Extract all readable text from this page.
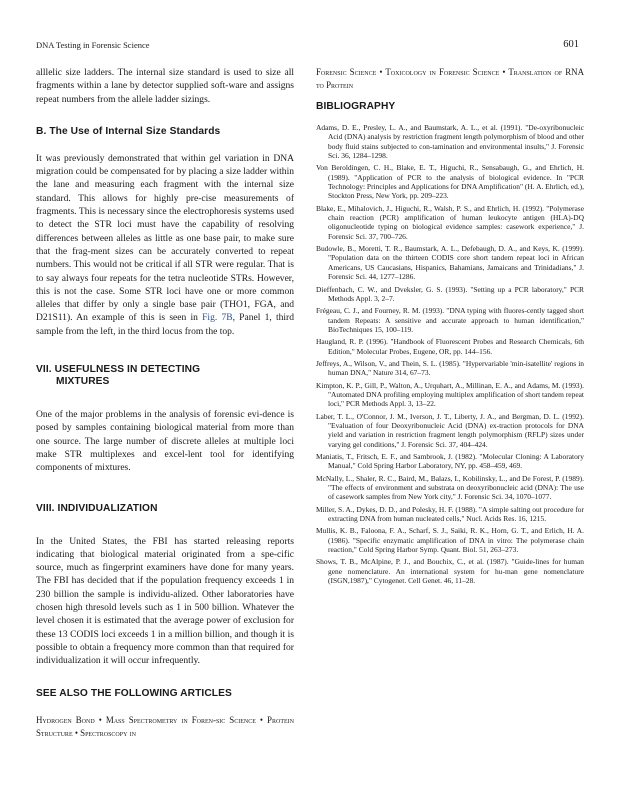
DNA Testing in Forensic Science	601

alllelic size ladders. The internal size standard is used to size all fragments within a lane by detector supplied soft-ware and assigns repeat numbers from the allele ladder sizings.

B. The Use of Internal Size Standards

It was previously demonstrated that within gel variation in DNA migration could be compensated for by placing a size ladder within the lane and measuring each fragment with the internal size standard. This allows for highly pre-cise measurements of fragments. This is necessary since the electrophoresis systems used to detect the STR loci must have the capability of resolving differences between alleles as little as one base pair, to make sure that the frag-ment sizes can be accurately converted to repeat numbers. This would not be critical if all STR were regular. That is to say always four repeats for the tetra nucleotide STRs. However, this is not the case. Some STR loci have one or more common alleles that differ by only a single base pair (THO1, FGA, and D21S11). An example of this is seen in Fig. 7B, Panel 1, third sample from the left, in the third locus from the top.

VII. USEFULNESS IN DETECTING
MIXTURES

One of the major problems in the analysis of forensic evi-dence is posed by samples containing biological material from more than one source. The large number of discrete alleles at multiple loci make STR multiplexes and excel-lent tool for identifying components of mixtures.

VIII. INDIVIDUALIZATION

In the United States, the FBI has started releasing reports indicating that biological material originated from a spe-cific source, much as fingerprint examiners have done for many years. The FBI has decided that if the population frequency exceeds 1 in 230 billion the sample is individu-alized. Other laboratories have chosen high thresold levels such as 1 in 500 billion. Whatever the level chosen it is estimated that the average power of exclusion for these 13 CODIS loci exceeds 1 in a million billion, and though it is possible to obtain a frequency more common than that required for individualization it will occur infrequently.

SEE ALSO THE FOLLOWING ARTICLES

Hydrogen Bond • Mass Spectrometry in Foren-sic Science • Protein Structure • Spectroscopy in

Forensic Science • Toxicology in Forensic Science • Translation of RNA to Protein

BIBLIOGRAPHY

Adams, D. E., Presley, L. A., and Baumstark, A. L., et al. (1991). "De-oxyribonucleic Acid (DNA) analysis by restriction fragment length polymorphism of blood and other body fluid stains subjected to con-tamination and environmental insults," J. Forensic Sci. 36, 1284–1298.

Von Beroldingen, C. H., Blake, E. T., Higuchi, R., Sensabaugh, G., and Ehrlich, H. (1989). "Application of PCR to the analysis of biological evidence. In "PCR Technology: Principles and Applications for DNA Amplification" (H. A. Ehrlich, ed.), Stockton Press, New York, pp. 209–223.

Blake, E., Mihalovich, J., Higuchi, R., Walsh, P. S., and Ehrlich, H. (1992). "Polymerase chain reaction (PCR) amplification of human leukocyte antigen (HLA)-DQ oligonucleotide typing on biological evidence samples: casework experience," J. Forensic Sci. 37, 700–726.

Budowle, B., Moretti, T. R., Baumstark, A. L., Defebaugh, D. A., and Keys, K. (1999). "Population data on the thirteen CODIS core short tandem repeat loci in African Americans, US Caucasians, Hispanics, Bahamians, Jamaicans and Trinidadians," J. Forensic Sci. 44, 1277–1286.

Dieffenbach, C. W., and Dveksler, G. S. (1993). "Setting up a PCR laboratory," PCR Methods Appl. 3, 2–7.

Frégeau, C. J., and Fourney, R. M. (1993). "DNA typing with fluores-cently tagged short tandem Repeats: A sensitive and accurate approach to human identification," BioTechniques 15, 100–119.

Haugland, R. P. (1996). "Handbook of Fluorescent Probes and Research Chemicals, 6th Edition," Molecular Probes, Eugene, OR, pp. 144–156.

Jeffreys, A., Wilson, V., and Thein, S. L. (1985). "Hypervariable 'min-isatellite' regions in human DNA," Nature 314, 67–73.

Kimpton, K. P., Gill, P., Walton, A., Urquhart, A., Millinan, E. A., and Adams, M. (1993). "Automated DNA profiling employing multiplex amplification of short tandem repeat loci," PCR Methods Appl. 3, 13–22.

Laber, T. L., O'Connor, J. M., Iverson, J. T., Liberty, J. A., and Bergman, D. L. (1992). "Evaluation of four Deoxyribonucleic Acid (DNA) ex-traction protocols for DNA yield and variation in restriction fragment length polymorphism (RFLP) sizes under varying gel conditions," J. Forensic Sci. 37, 404–424.

Maniatis, T., Fritsch, E. F., and Sambrook, J. (1982). "Molecular Cloning: A Laboratory Manual," Cold Spring Harbor Laboratory, NY, pp. 458–459, 469.

McNally, L., Shaler, R. C., Baird, M., Balazs, I., Kobilinsky, L., and De Forest, P. (1989). "The effects of environment and substrata on deoxyribonucleic acid (DNA): The use of casework samples from New York city," J. Forensic Sci. 34, 1070–1077.

Miller, S. A., Dykes, D. D., and Polesky, H. F. (1988). "A simple salting out procedure for extracting DNA from human nucleated cells," Nucl. Acids Res. 16, 1215.

Mullis, K. B., Faloona, F. A., Scharf, S. J., Saiki, R. K., Horn, G. T., and Erlich, H. A. (1986). "Specific enzymatic amplification of DNA in vitro: The polymerase chain reaction," Cold Spring Harbor Symp. Quant. Biol. 51, 263–273.

Shows, T. B., McAlpine, P. J., and Bouchix, C., et al. (1987). "Guide-lines for human gene nomenclature. An international system for hu-man gene nomenclature (ISGN,1987)," Cytogenet. Cell Genet. 46, 11–28.
